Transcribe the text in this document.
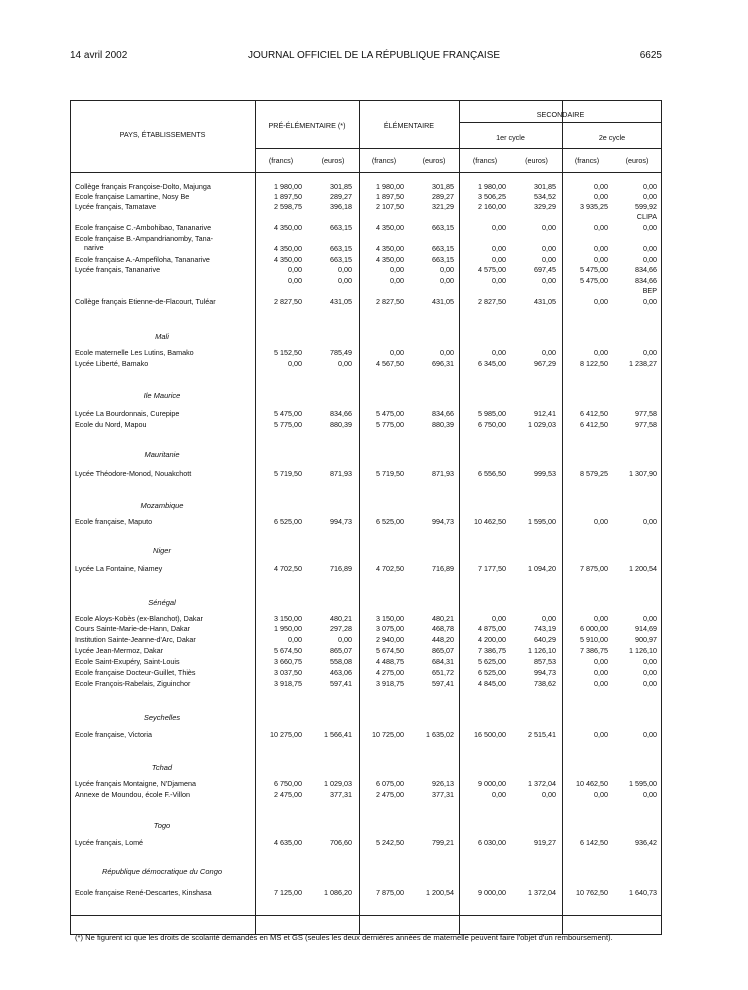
14 avril 2002	JOURNAL OFFICIEL DE LA RÉPUBLIQUE FRANÇAISE	6625
PAYS, ÉTABLISSEMENTS
PRÉ-ÉLÉMENTAIRE (*)	ÉLÉMENTAIRE
SECONDAIRE
1er cycle	2e cycle
(francs)	(euros)	(francs)	(euros)	(francs)	(euros)	(francs)	(euros)
Collège français Françoise-Dolto, Majunga .....	1 980,00	301,85	1 980,00	301,85	1 980,00	301,85	0,00	0,00
Ecole française Lamartine, Nosy Be .....	1 897,50	289,27	1 897,50	289,27	3 506,25	534,52	0,00	0,00
Lycée français, Tamatave .....	2 598,75	396,18	2 107,50	321,29	2 160,00	329,29	3 935,25	599,92
CLIPA
Ecole française C.-Ambohibao, Tananarive .....	4 350,00	663,15	4 350,00	663,15	0,00	0,00	0,00	0,00
Ecole française B.-Ampandrianomby, Tana- .....
narive	4 350,00	663,15	4 350,00	663,15	0,00	0,00	0,00	0,00
Ecole française A.-Ampefiloha, Tananarive .....	4 350,00	663,15	4 350,00	663,15	0,00	0,00	0,00	0,00
Lycée français, Tananarive .....	0,00	0,00	0,00	0,00	4 575,00	697,45	5 475,00	834,66
0,00	0,00	0,00	0,00	0,00	0,00	5 475,00	834,66
BEP
Collège français Etienne-de-Flacourt, Tuléar .....	2 827,50	431,05	2 827,50	431,05	2 827,50	431,05	0,00	0,00
Mali
Ecole maternelle Les Lutins, Bamako .....	5 152,50	785,49	0,00	0,00	0,00	0,00	0,00	0,00
Lycée Liberté, Bamako .....	0,00	0,00	4 567,50	696,31	6 345,00	967,29	8 122,50	1 238,27
Ile Maurice
Lycée La Bourdonnais, Curepipe .....	5 475,00	834,66	5 475,00	834,66	5 985,00	912,41	6 412,50	977,58
Ecole du Nord, Mapou .....	5 775,00	880,39	5 775,00	880,39	6 750,00	1 029,03	6 412,50	977,58
Mauritanie
Lycée Théodore-Monod, Nouakchott .....	5 719,50	871,93	5 719,50	871,93	6 556,50	999,53	8 579,25	1 307,90
Mozambique
Ecole française, Maputo .....	6 525,00	994,73	6 525,00	994,73	10 462,50	1 595,00	0,00	0,00
Niger
Lycée La Fontaine, Niamey .....	4 702,50	716,89	4 702,50	716,89	7 177,50	1 094,20	7 875,00	1 200,54
Sénégal
Ecole Aloys-Kobès (ex-Blanchot), Dakar .....	3 150,00	480,21	3 150,00	480,21	0,00	0,00	0,00	0,00
Cours Sainte-Marie-de-Hann, Dakar .....	1 950,00	297,28	3 075,00	468,78	4 875,00	743,19	6 000,00	914,69
Institution Sainte-Jeanne-d'Arc, Dakar .....	0,00	0,00	2 940,00	448,20	4 200,00	640,29	5 910,00	900,97
Lycée Jean-Mermoz, Dakar .....	5 674,50	865,07	5 674,50	865,07	7 386,75	1 126,10	7 386,75	1 126,10
Ecole Saint-Exupéry, Saint-Louis .....	3 660,75	558,08	4 488,75	684,31	5 625,00	857,53	0,00	0,00
Ecole française Docteur-Guillet, Thiès .....	3 037,50	463,06	4 275,00	651,72	6 525,00	994,73	0,00	0,00
Ecole François-Rabelais, Ziguinchor .....	3 918,75	597,41	3 918,75	597,41	4 845,00	738,62	0,00	0,00
Seychelles
Ecole française, Victoria .....	10 275,00	1 566,41	10 725,00	1 635,02	16 500,00	2 515,41	0,00	0,00
Tchad
Lycée français Montaigne, N'Djamena .....	6 750,00	1 029,03	6 075,00	926,13	9 000,00	1 372,04	10 462,50	1 595,00
Annexe de Moundou, école F.-Villon .....	2 475,00	377,31	2 475,00	377,31	0,00	0,00	0,00	0,00
Togo
Lycée français, Lomé .....	4 635,00	706,60	5 242,50	799,21	6 030,00	919,27	6 142,50	936,42
République démocratique du Congo
Ecole française René-Descartes, Kinshasa .....	7 125,00	1 086,20	7 875,00	1 200,54	9 000,00	1 372,04	10 762,50	1 640,73
(*) Ne figurent ici que les droits de scolarité demandés en MS et GS (seules les deux dernières années de maternelle peuvent faire l'objet d'un remboursement).
